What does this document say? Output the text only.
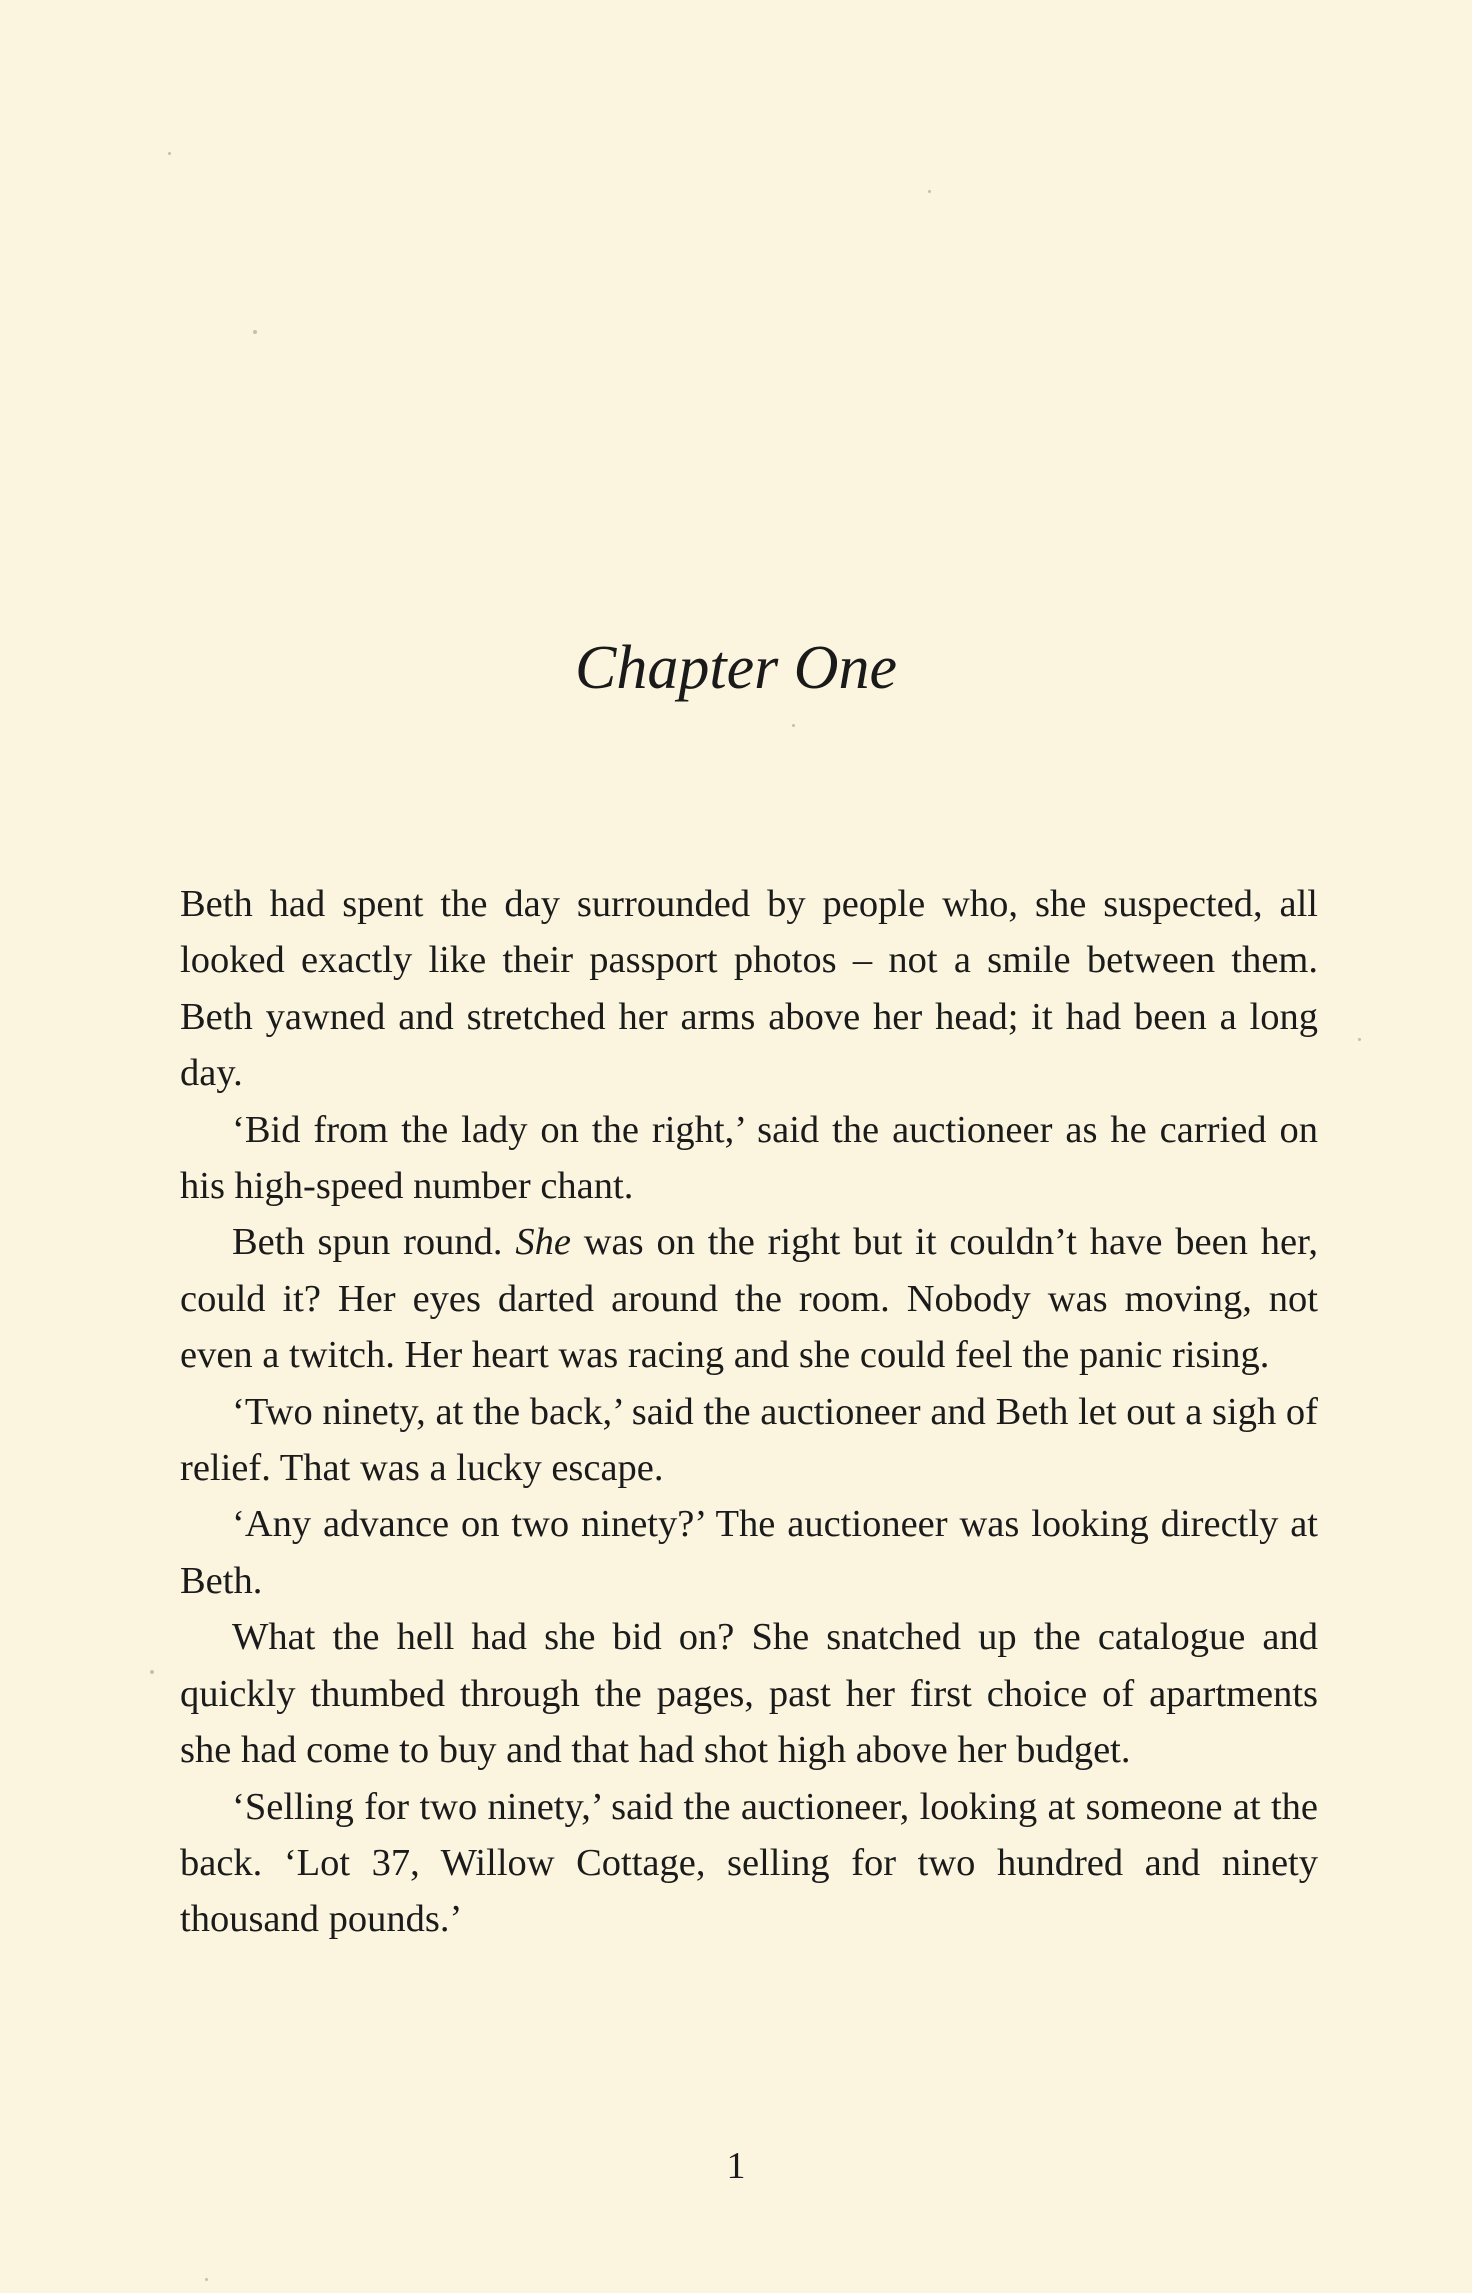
Chapter One

Beth had spent the day surrounded by people who, she suspected, all looked exactly like their passport photos – not a smile between them. Beth yawned and stretched her arms above her head; it had been a long day.

‘Bid from the lady on the right,’ said the auctioneer as he carried on his high-speed number chant.

Beth spun round. She was on the right but it couldn’t have been her, could it? Her eyes darted around the room. Nobody was moving, not even a twitch. Her heart was racing and she could feel the panic rising.

‘Two ninety, at the back,’ said the auctioneer and Beth let out a sigh of relief. That was a lucky escape.

‘Any advance on two ninety?’ The auctioneer was looking directly at Beth.

What the hell had she bid on? She snatched up the catalogue and quickly thumbed through the pages, past her first choice of apartments she had come to buy and that had shot high above her budget.

‘Selling for two ninety,’ said the auctioneer, looking at someone at the back. ‘Lot 37, Willow Cottage, selling for two hundred and ninety thousand pounds.’

1
